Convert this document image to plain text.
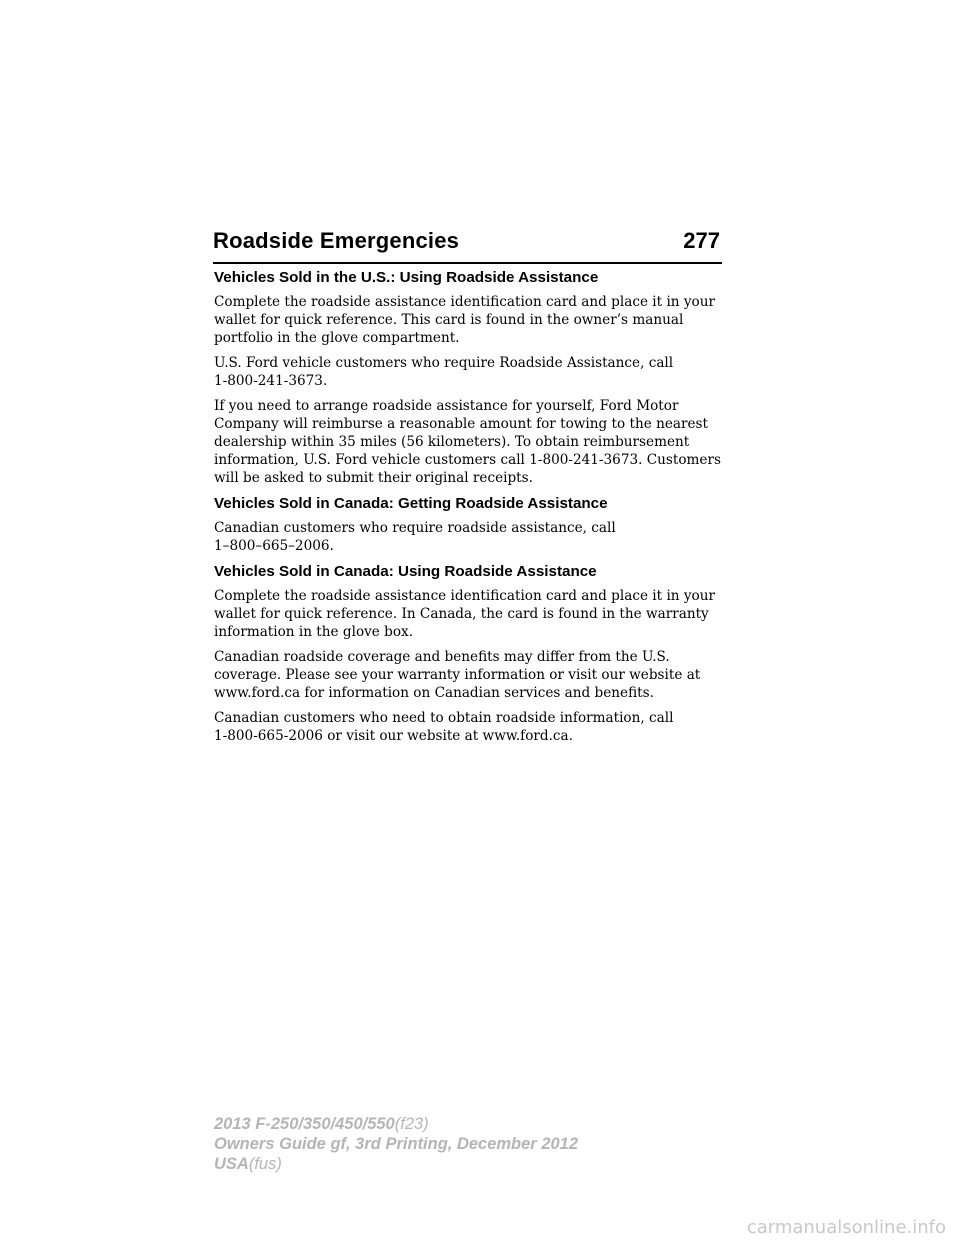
Roadside Emergencies	277
Vehicles Sold in the U.S.: Using Roadside Assistance

Complete the roadside assistance identification card and place it in your
wallet for quick reference. This card is found in the owner’s manual
portfolio in the glove compartment.

U.S. Ford vehicle customers who require Roadside Assistance, call
1-800-241-3673.

If you need to arrange roadside assistance for yourself, Ford Motor
Company will reimburse a reasonable amount for towing to the nearest
dealership within 35 miles (56 kilometers). To obtain reimbursement
information, U.S. Ford vehicle customers call 1-800-241-3673. Customers
will be asked to submit their original receipts.

Vehicles Sold in Canada: Getting Roadside Assistance

Canadian customers who require roadside assistance, call
1–800–665–2006.

Vehicles Sold in Canada: Using Roadside Assistance

Complete the roadside assistance identification card and place it in your
wallet for quick reference. In Canada, the card is found in the warranty
information in the glove box.

Canadian roadside coverage and benefits may differ from the U.S.
coverage. Please see your warranty information or visit our website at
www.ford.ca for information on Canadian services and benefits.

Canadian customers who need to obtain roadside information, call
1-800-665-2006 or visit our website at www.ford.ca.

2013 F-250/350/450/550(f23)
Owners Guide gf, 3rd Printing, December 2012
USA(fus)
carmanualsonline.info
